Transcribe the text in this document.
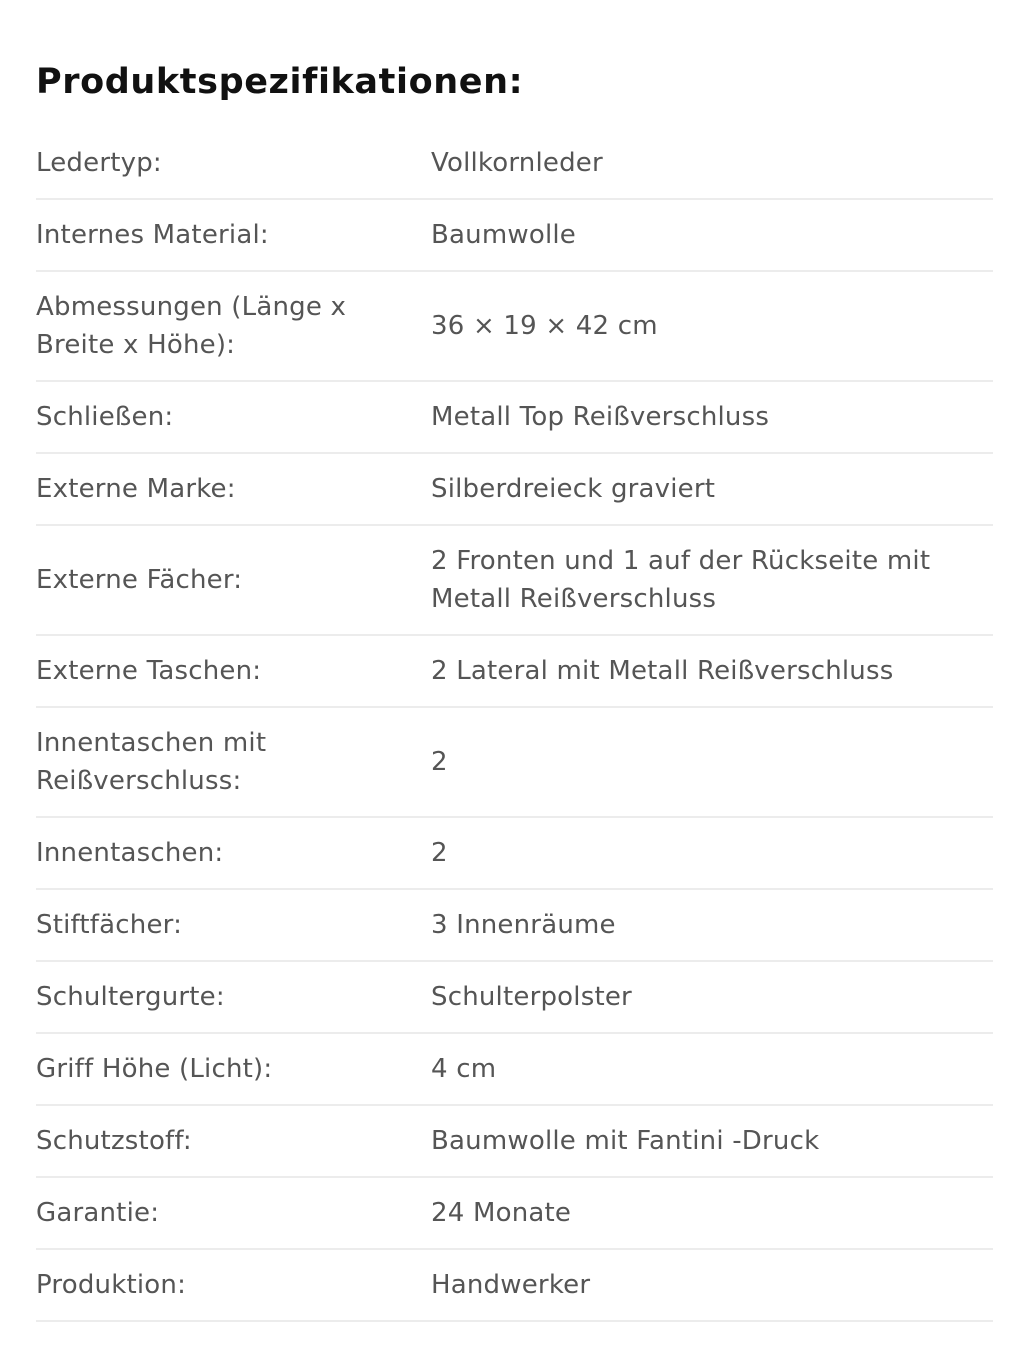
Produktspezifikationen:
Ledertyp:	Vollkornleder
Internes Material:	Baumwolle
Abmessungen (Länge x Breite x Höhe):	36 × 19 × 42 cm
Schließen:	Metall Top Reißverschluss
Externe Marke:	Silberdreieck graviert
Externe Fächer:	2 Fronten und 1 auf der Rückseite mit Metall Reißverschluss
Externe Taschen:	2 Lateral mit Metall Reißverschluss
Innentaschen mit Reißverschluss:	2
Innentaschen:	2
Stiftfächer:	3 Innenräume
Schultergurte:	Schulterpolster
Griff Höhe (Licht):	4 cm
Schutzstoff:	Baumwolle mit Fantini -Druck
Garantie:	24 Monate
Produktion:	Handwerker
